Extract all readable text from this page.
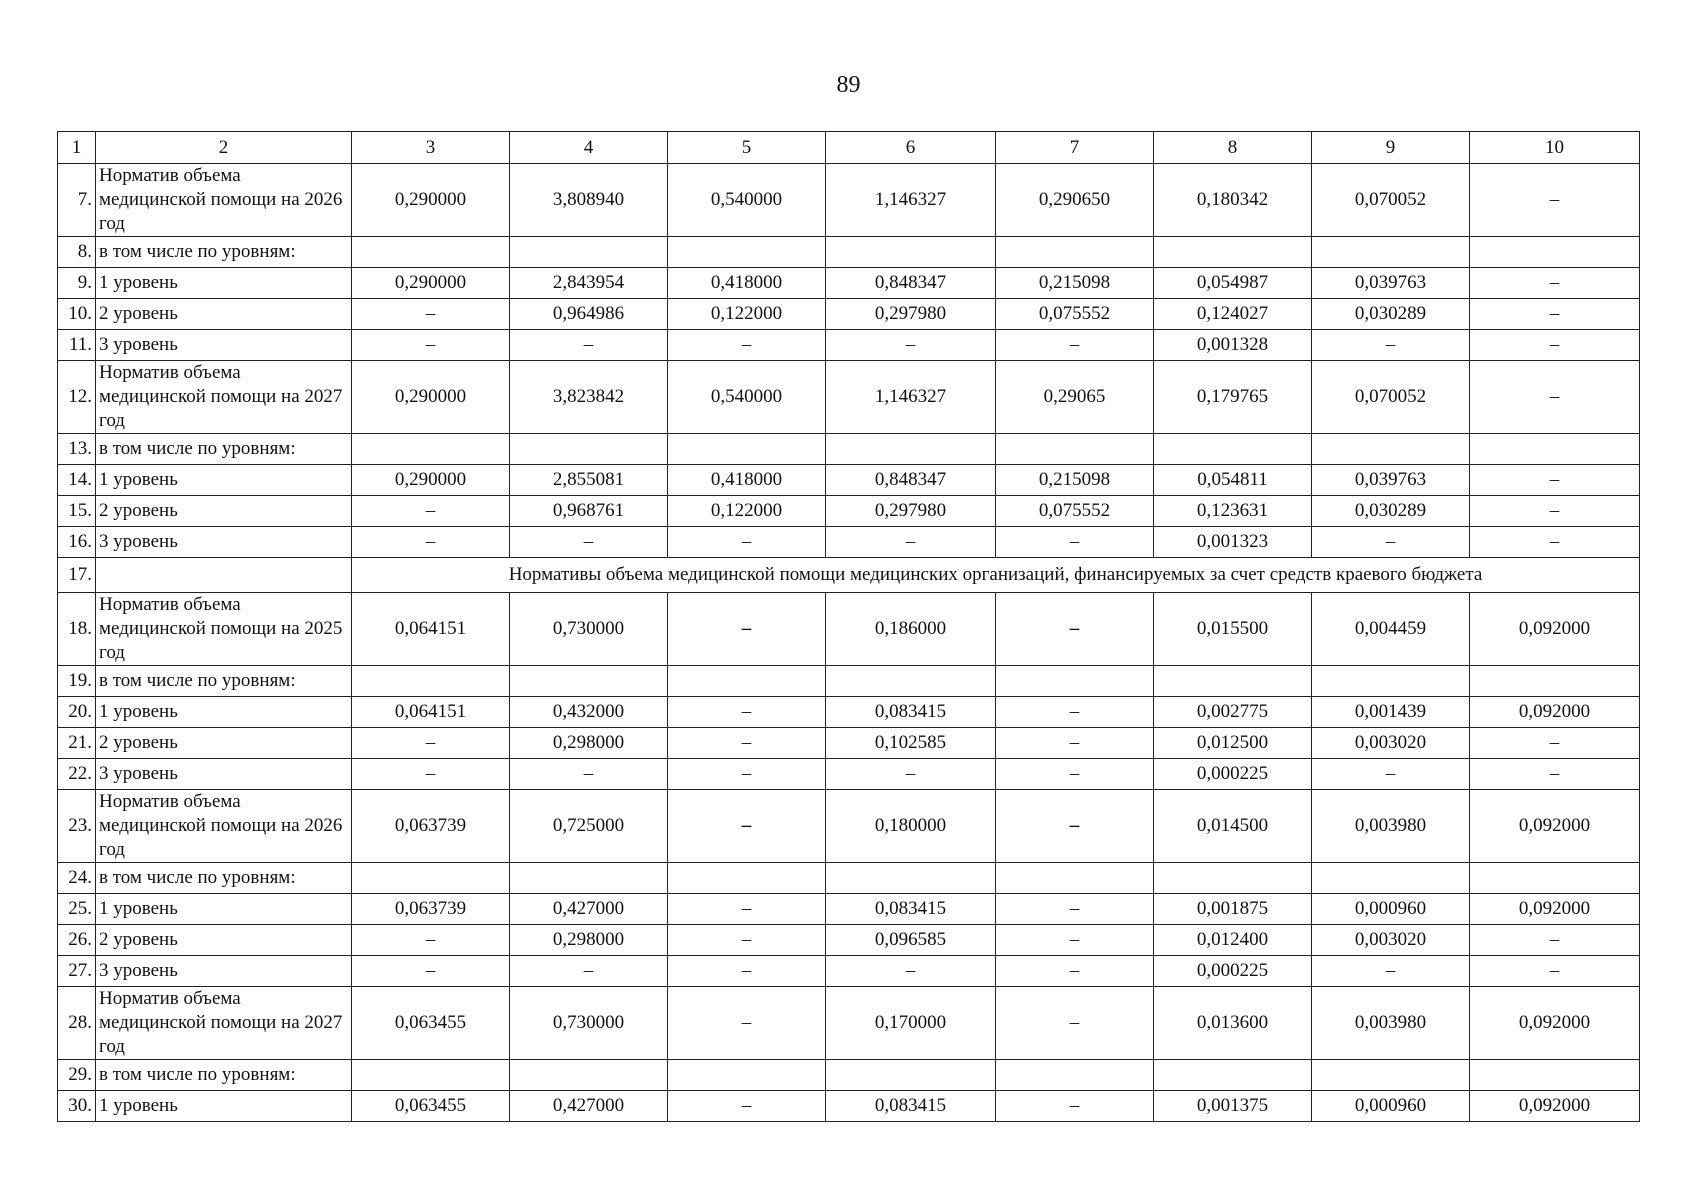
89
1	2	3	4	5	6	7	8	9	10
7.	Норматив объема медицинской помощи на 2026 год	0,290000	3,808940	0,540000	1,146327	0,290650	0,180342	0,070052	–
8.	в том числе по уровням:								
9.	1 уровень	0,290000	2,843954	0,418000	0,848347	0,215098	0,054987	0,039763	–
10.	2 уровень	–	0,964986	0,122000	0,297980	0,075552	0,124027	0,030289	–
11.	3 уровень	–	–	–	–	–	0,001328	–	–
12.	Норматив объема медицинской помощи на 2027 год	0,290000	3,823842	0,540000	1,146327	0,29065	0,179765	0,070052	–
13.	в том числе по уровням:								
14.	1 уровень	0,290000	2,855081	0,418000	0,848347	0,215098	0,054811	0,039763	–
15.	2 уровень	–	0,968761	0,122000	0,297980	0,075552	0,123631	0,030289	–
16.	3 уровень	–	–	–	–	–	0,001323	–	–
17.		Нормативы объема медицинской помощи медицинских организаций, финансируемых за счет средств краевого бюджета							
18.	Норматив объема медицинской помощи на 2025 год	0,064151	0,730000	–	0,186000	–	0,015500	0,004459	0,092000
19.	в том числе по уровням:								
20.	1 уровень	0,064151	0,432000	–	0,083415	–	0,002775	0,001439	0,092000
21.	2 уровень	–	0,298000	–	0,102585	–	0,012500	0,003020	–
22.	3 уровень	–	–	–	–	–	0,000225	–	–
23.	Норматив объема медицинской помощи на 2026 год	0,063739	0,725000	–	0,180000	–	0,014500	0,003980	0,092000
24.	в том числе по уровням:								
25.	1 уровень	0,063739	0,427000	–	0,083415	–	0,001875	0,000960	0,092000
26.	2 уровень	–	0,298000	–	0,096585	–	0,012400	0,003020	–
27.	3 уровень	–	–	–	–	–	0,000225	–	–
28.	Норматив объема медицинской помощи на 2027 год	0,063455	0,730000	–	0,170000	–	0,013600	0,003980	0,092000
29.	в том числе по уровням:								
30.	1 уровень	0,063455	0,427000	–	0,083415	–	0,001375	0,000960	0,092000
